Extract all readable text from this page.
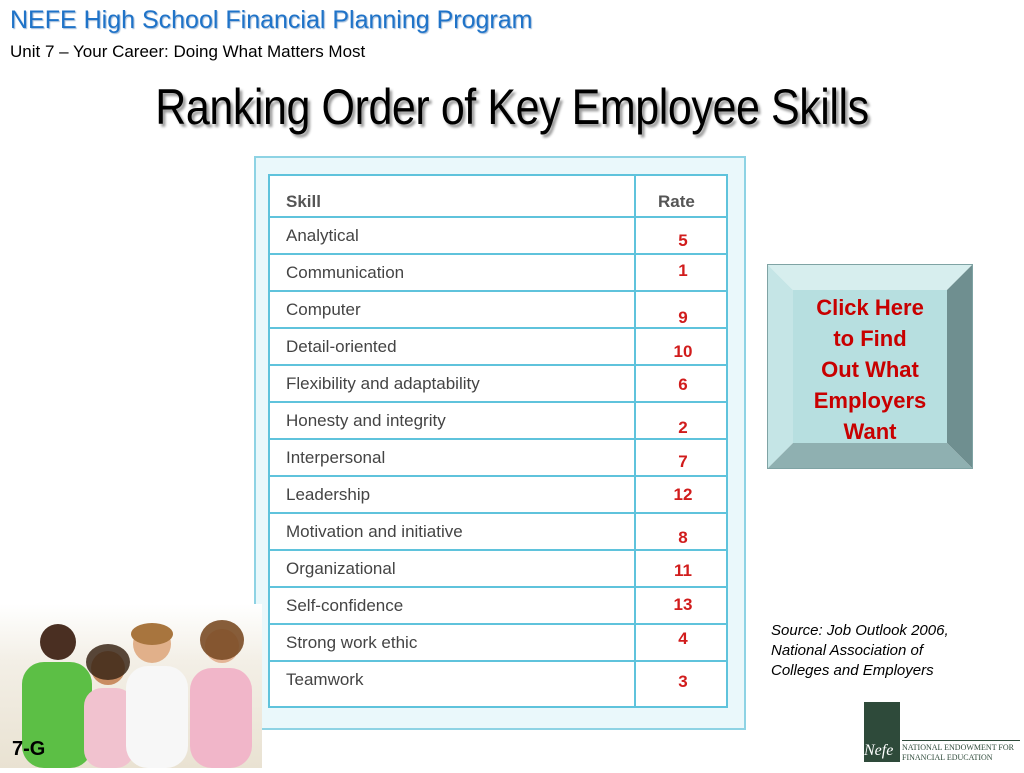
NEFE High School Financial Planning Program
Unit 7 – Your Career: Doing What Matters Most
Ranking Order of Key Employee Skills
Skill	Rate
Analytical	5
Communication	1
Computer	9
Detail-oriented	10
Flexibility and adaptability	6
Honesty and integrity	2
Interpersonal	7
Leadership	12
Motivation and initiative	8
Organizational	11
Self-confidence	13
Strong work ethic	4
Teamwork	3
Click Here
to Find
Out What
Employers
Want
Source: Job Outlook 2006,
National Association of
Colleges and Employers
7-G	Nefe NATIONAL ENDOWMENT FOR
FINANCIAL EDUCATION
